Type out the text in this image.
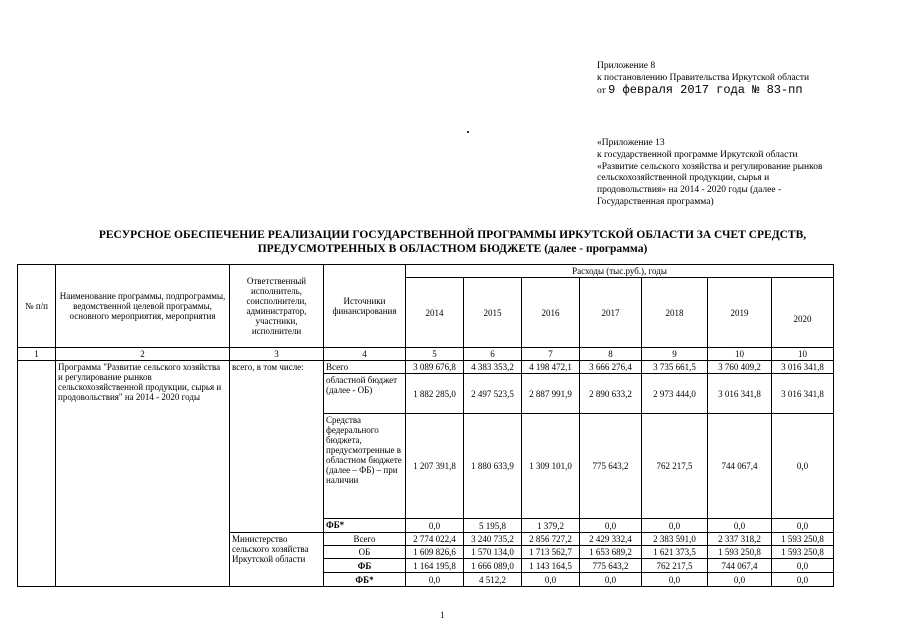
Приложение 8
к постановлению Правительства Иркутской области
от 9 февраля 2017 года № 83-пп
«Приложение 13
к государственной программе Иркутской области «Развитие сельского хозяйства и регулирование рынков сельскохозяйственной продукции, сырья и продовольствия» на 2014 - 2020 годы (далее - Государственная программа)
РЕСУРСНОЕ ОБЕСПЕЧЕНИЕ РЕАЛИЗАЦИИ ГОСУДАРСТВЕННОЙ ПРОГРАММЫ ИРКУТСКОЙ ОБЛАСТИ ЗА СЧЕТ СРЕДСТВ,
ПРЕДУСМОТРЕННЫХ В ОБЛАСТНОМ БЮДЖЕТЕ (далее - программа)
№ п/п	Наименование программы, подпрограммы, ведомственной целевой программы, основного мероприятия, мероприятия	Ответственный исполнитель, соисполнители, администратор, участники, исполнители	Источники финансирования	Расходы (тыс.руб.), годы						
				2014	2015	2016	2017	2018	2019	2020
1	2	3	4	5	6	7	8	9	10	10
	Программа "Развитие сельского хозяйства и регулирование рынков сельскохозяйственной продукции, сырья и продовольствия" на 2014 - 2020 годы	всего, в том числе:	Всего	3 089 676,8	4 383 353,2	4 198 472,1	3 666 276,4	3 735 661,5	3 760 409,2	3 016 341,8
			областной бюджет (далее - ОБ)	1 882 285,0	2 497 523,5	2 887 991,9	2 890 633,2	2 973 444,0	3 016 341,8	3 016 341,8
			Средства федерального бюджета, предусмотренные в областном бюджете (далее – ФБ) – при наличии	1 207 391,8	1 880 633,9	1 309 101,0	775 643,2	762 217,5	744 067,4	0,0
			ФБ*	0,0	5 195,8	1 379,2	0,0	0,0	0,0	0,0
		Министерство сельского хозяйства Иркутской области	Всего	2 774 022,4	3 240 735,2	2 856 727,2	2 429 332,4	2 383 591,0	2 337 318,2	1 593 250,8
			ОБ	1 609 826,6	1 570 134,0	1 713 562,7	1 653 689,2	1 621 373,5	1 593 250,8	1 593 250,8
			ФБ	1 164 195,8	1 666 089,0	1 143 164,5	775 643,2	762 217,5	744 067,4	0,0
			ФБ*	0,0	4 512,2	0,0	0,0	0,0	0,0	0,0
1
